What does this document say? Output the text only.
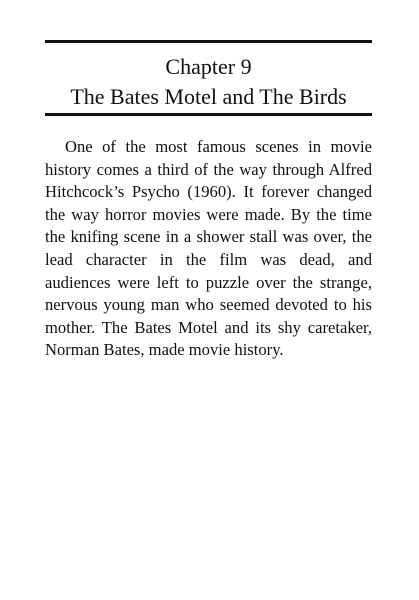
Chapter 9
The Bates Motel and The Birds

One of the most famous scenes in movie history comes a third of the way through Alfred Hitchcock’s Psycho (1960). It forever changed the way horror movies were made. By the time the knifing scene in a shower stall was over, the lead character in the film was dead, and audiences were left to puzzle over the strange, nervous young man who seemed devoted to his mother. The Bates Motel and its shy caretaker, Norman Bates, made movie history.
